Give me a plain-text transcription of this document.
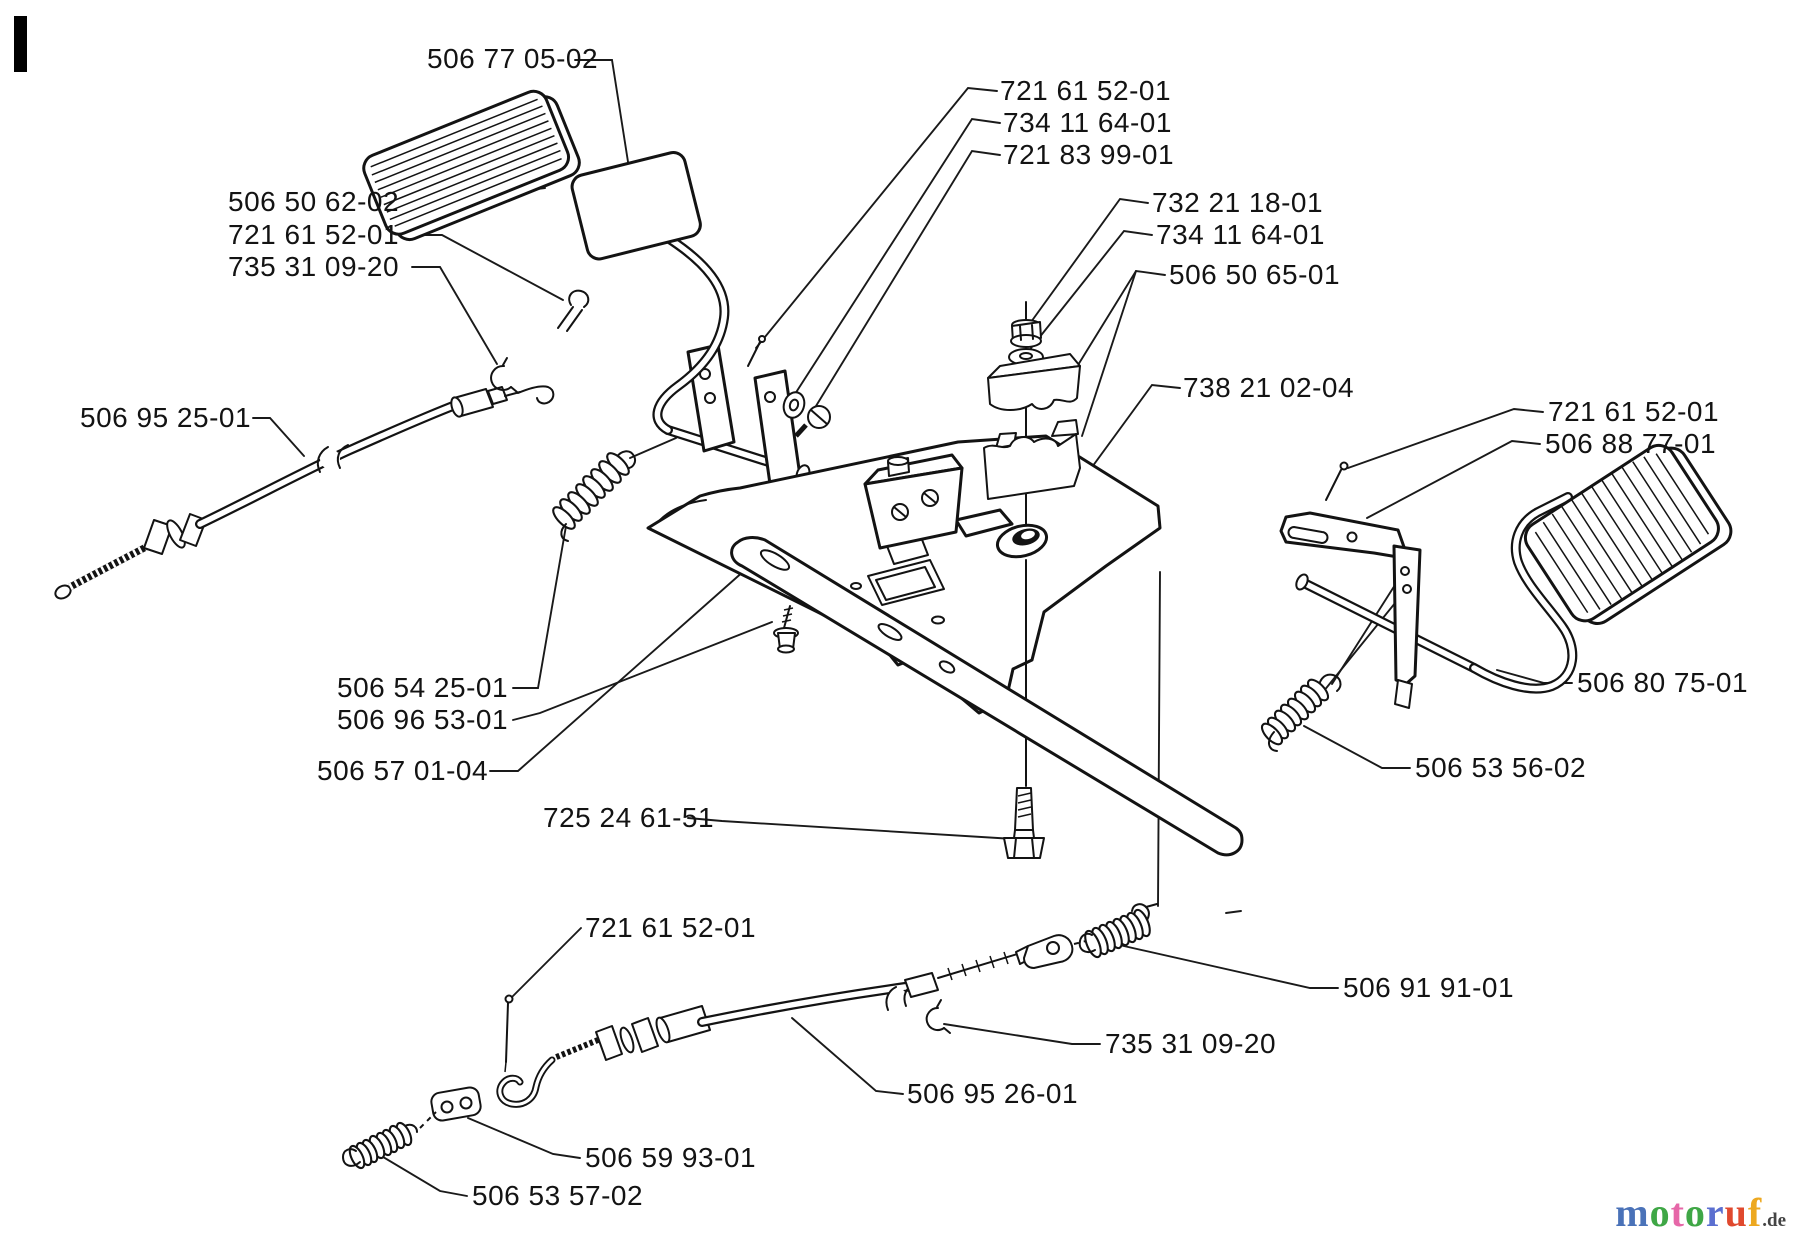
506 77 05-02
721 61 52-01
734 11 64-01
721 83 99-01
732 21 18-01
734 11 64-01
506 50 65-01
738 21 02-04
506 50 62-02
721 61 52-01
735 31 09-20
506 95 25-01	721 61 52-01
506 88 77-01
506 80 75-01
506 53 56-02
506 54 25-01
506 96 53-01
506 57 01-04
725 24 61-51
721 61 52-01
506 91 91-01
735 31 09-20
506 95 26-01
506 59 93-01
506 53 57-02	motoruf.de
